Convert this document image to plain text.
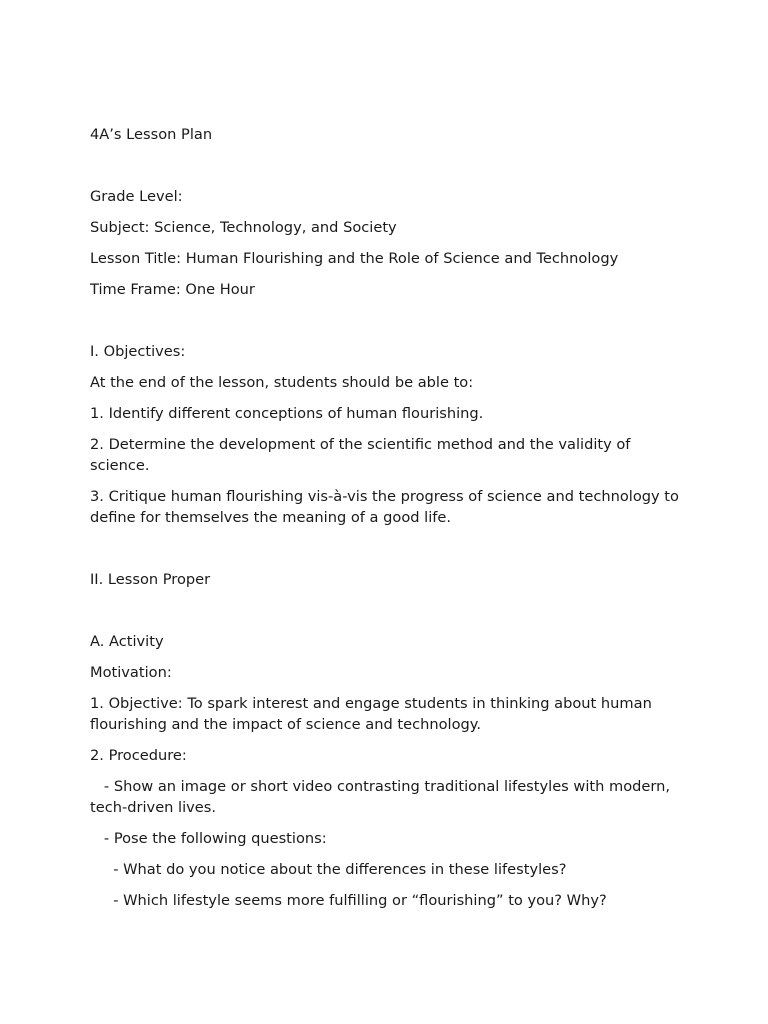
4A’s Lesson Plan

Grade Level:

Subject: Science, Technology, and Society

Lesson Title: Human Flourishing and the Role of Science and Technology

Time Frame: One Hour

I. Objectives:

At the end of the lesson, students should be able to:

1. Identify different conceptions of human flourishing.

2. Determine the development of the scientific method and the validity of science.

3. Critique human flourishing vis-à-vis the progress of science and technology to define for themselves the meaning of a good life.

II. Lesson Proper

A. Activity

Motivation:

1. Objective: To spark interest and engage students in thinking about human flourishing and the impact of science and technology.

2. Procedure:

- Show an image or short video contrasting traditional lifestyles with modern, tech-driven lives.

- Pose the following questions:

- What do you notice about the differences in these lifestyles?

- Which lifestyle seems more fulfilling or “flourishing” to you? Why?
